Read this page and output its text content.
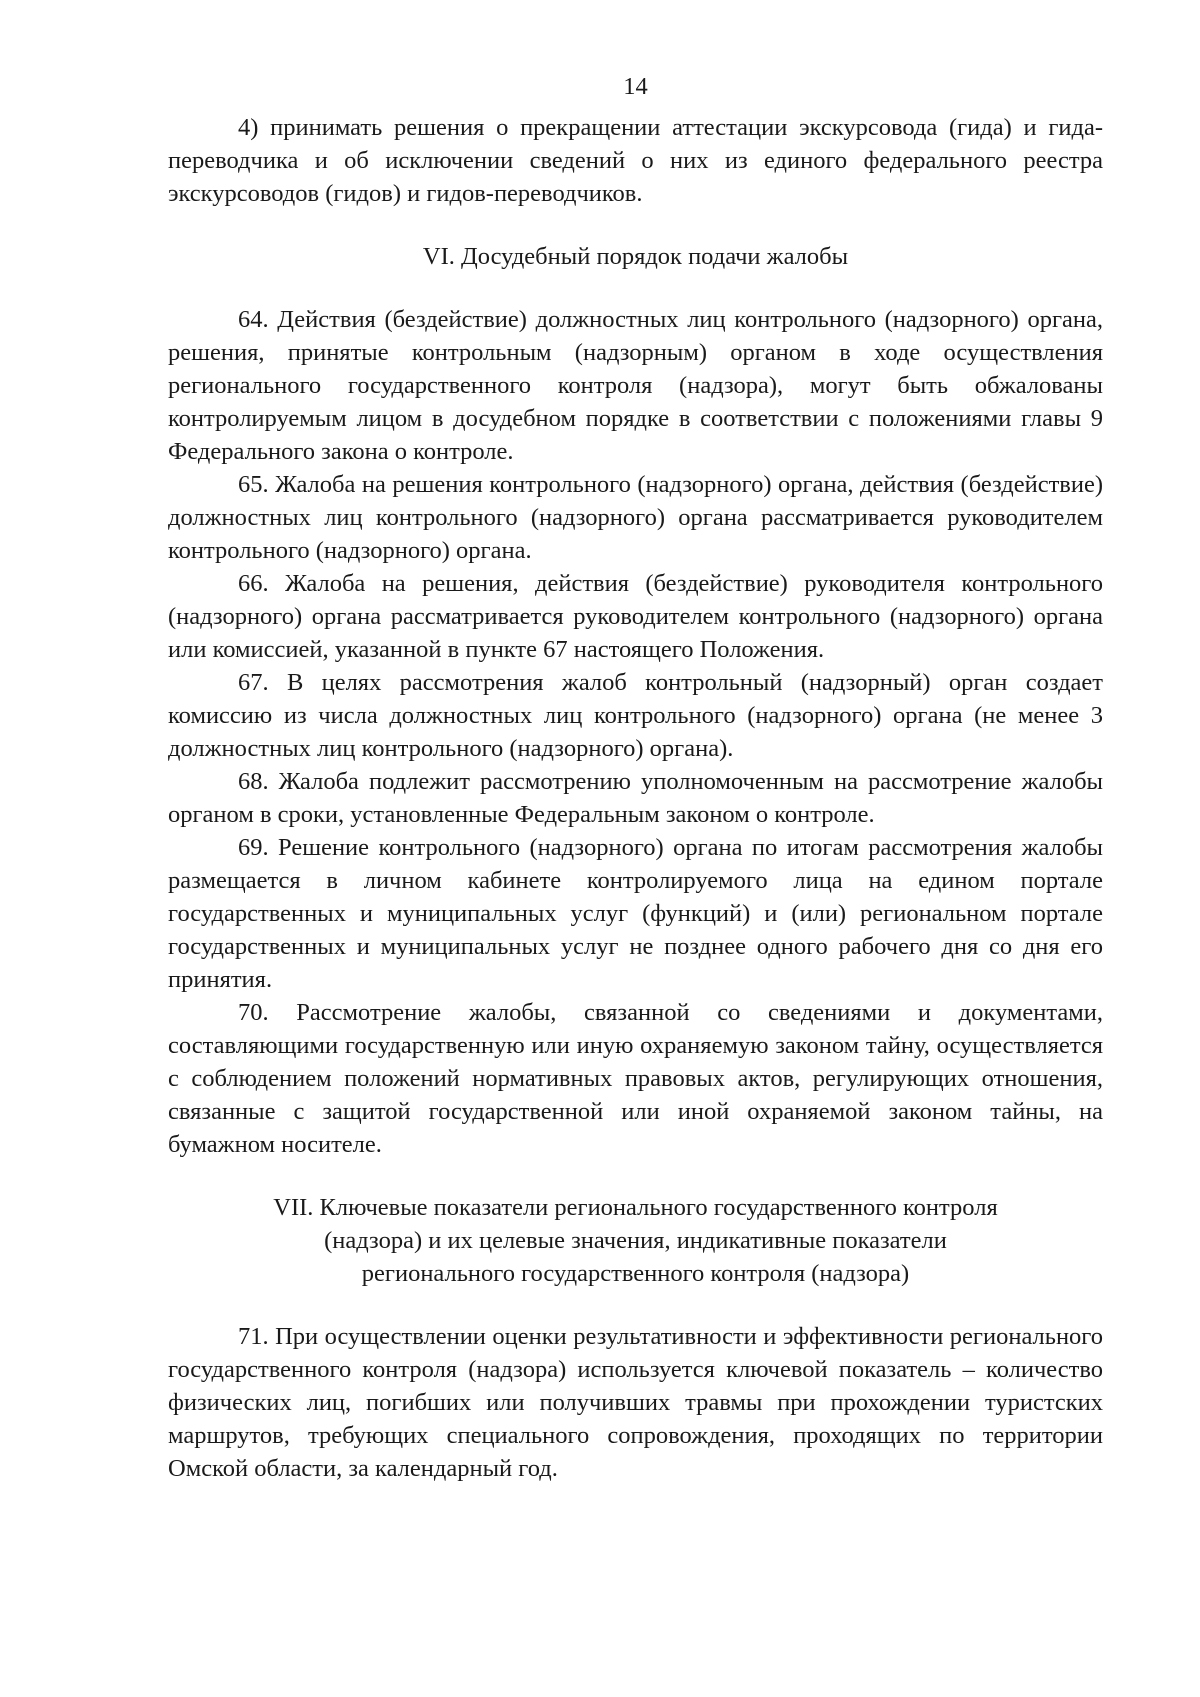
14

4) принимать решения о прекращении аттестации экскурсовода (гида) и гида-переводчика и об исключении сведений о них из единого федерального реестра экскурсоводов (гидов) и гидов-переводчиков.

VI. Досудебный порядок подачи жалобы

64. Действия (бездействие) должностных лиц контрольного (надзорного) органа, решения, принятые контрольным (надзорным) органом в ходе осуществления регионального государственного контроля (надзора), могут быть обжалованы контролируемым лицом в досудебном порядке в соответствии с положениями главы 9 Федерального закона о контроле.

65. Жалоба на решения контрольного (надзорного) органа, действия (бездействие) должностных лиц контрольного (надзорного) органа рассматривается руководителем контрольного (надзорного) органа.

66. Жалоба на решения, действия (бездействие) руководителя контрольного (надзорного) органа рассматривается руководителем контрольного (надзорного) органа или комиссией, указанной в пункте 67 настоящего Положения.

67. В целях рассмотрения жалоб контрольный (надзорный) орган создает комиссию из числа должностных лиц контрольного (надзорного) органа (не менее 3 должностных лиц контрольного (надзорного) органа).

68. Жалоба подлежит рассмотрению уполномоченным на рассмотрение жалобы органом в сроки, установленные Федеральным законом о контроле.

69. Решение контрольного (надзорного) органа по итогам рассмотрения жалобы размещается в личном кабинете контролируемого лица на едином портале государственных и муниципальных услуг (функций) и (или) региональном портале государственных и муниципальных услуг не позднее одного рабочего дня со дня его принятия.

70. Рассмотрение жалобы, связанной со сведениями и документами, составляющими государственную или иную охраняемую законом тайну, осуществляется с соблюдением положений нормативных правовых актов, регулирующих отношения, связанные с защитой государственной или иной охраняемой законом тайны, на бумажном носителе.

VII. Ключевые показатели регионального государственного контроля
(надзора) и их целевые значения, индикативные показатели
регионального государственного контроля (надзора)

71. При осуществлении оценки результативности и эффективности регионального государственного контроля (надзора) используется ключевой показатель – количество физических лиц, погибших или получивших травмы при прохождении туристских маршрутов, требующих специального сопровождения, проходящих по территории Омской области, за календарный год.
